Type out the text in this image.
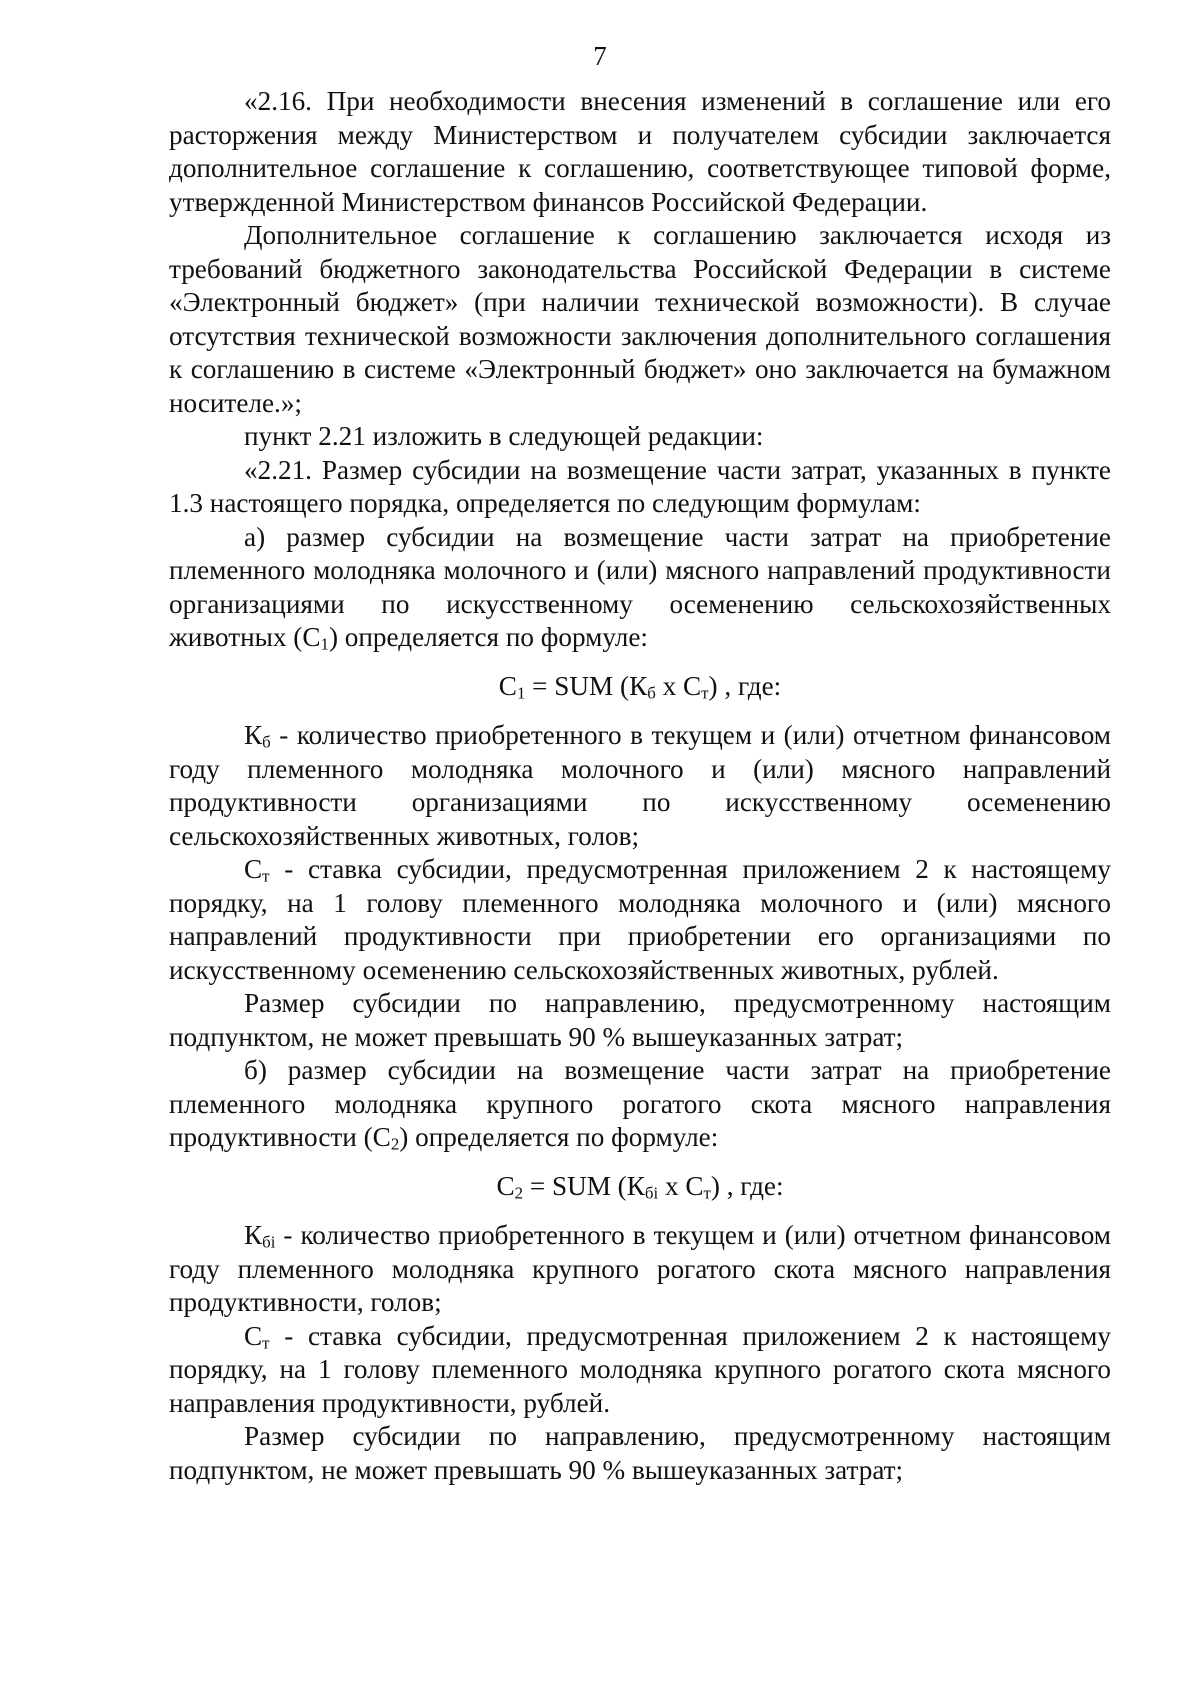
7

«2.16. При необходимости внесения изменений в соглашение или его расторжения между Министерством и получателем субсидии заключается дополнительное соглашение к соглашению, соответствующее типовой форме, утвержденной Министерством финансов Российской Федерации.

Дополнительное соглашение к соглашению заключается исходя из требований бюджетного законодательства Российской Федерации в системе «Электронный бюджет» (при наличии технической возможности). В случае отсутствия технической возможности заключения дополнительного соглашения к соглашению в системе «Электронный бюджет» оно заключается на бумажном носителе.»;

пункт 2.21 изложить в следующей редакции:

«2.21. Размер субсидии на возмещение части затрат, указанных в пункте 1.3 настоящего порядка, определяется по следующим формулам:

а) размер субсидии на возмещение части затрат на приобретение племенного молодняка молочного и (или) мясного направлений продуктивности организациями по искусственному осеменению сельскохозяйственных животных $(С_1)$ определяется по формуле:

$С_1$ = SUM ($К_б$ х $С_т$) , где:

$К_б$ - количество приобретенного в текущем и (или) отчетном финансовом году племенного молодняка молочного и (или) мясного направлений продуктивности организациями по искусственному осеменению сельскохозяйственных животных, голов;

$С_т$ - ставка субсидии, предусмотренная приложением 2 к настоящему порядку, на 1 голову племенного молодняка молочного и (или) мясного направлений продуктивности при приобретении его организациями по искусственному осеменению сельскохозяйственных животных, рублей.

Размер субсидии по направлению, предусмотренному настоящим подпунктом, не может превышать 90 % вышеуказанных затрат;

б) размер субсидии на возмещение части затрат на приобретение племенного молодняка крупного рогатого скота мясного направления продуктивности $(С_2)$ определяется по формуле:

$С_2$ = SUM ($К_{бi}$ х $С_т$) , где:

$К_{бi}$ - количество приобретенного в текущем и (или) отчетном финансовом году племенного молодняка крупного рогатого скота мясного направления продуктивности, голов;

$С_т$ - ставка субсидии, предусмотренная приложением 2 к настоящему порядку, на 1 голову племенного молодняка крупного рогатого скота мясного направления продуктивности, рублей.

Размер субсидии по направлению, предусмотренному настоящим подпунктом, не может превышать 90 % вышеуказанных затрат;
